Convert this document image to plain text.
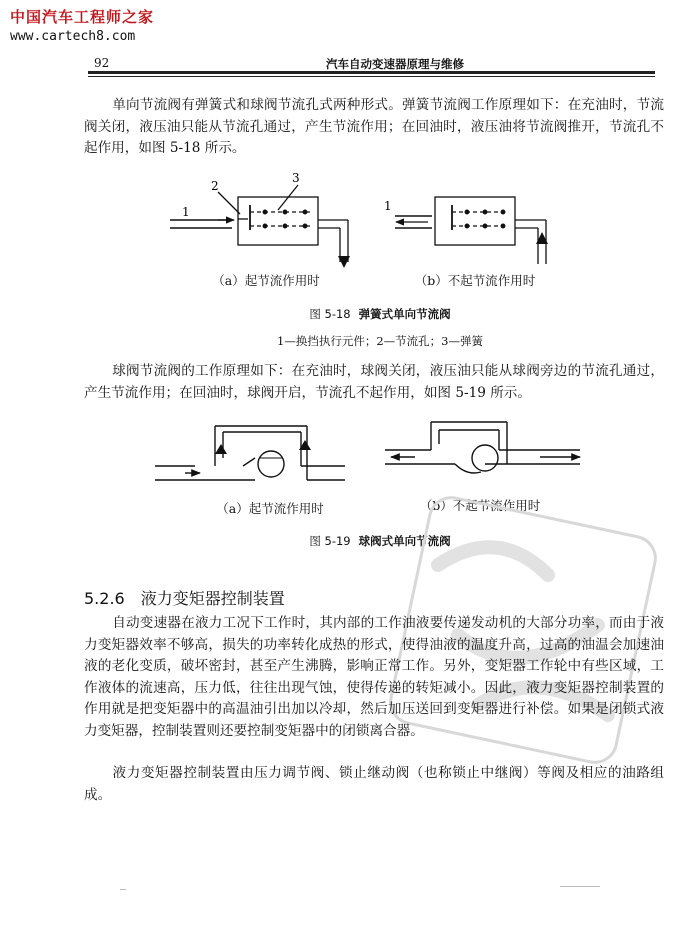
中国汽车工程师之家
www.cartech8.com
92	汽车自动变速器原理与维修

单向节流阀有弹簧式和球阀节流孔式两种形式。弹簧节流阀工作原理如下：在充油时，节流阀关闭，液压油只能从节流孔通过，产生节流作用；在回油时，液压油将节流阀推开，节流孔不起作用，如图 5-18 所示。

1
2
3
1
（a）起节流作用时	（b）不起节流作用时
图 5-18 弹簧式单向节流阀
1—换挡执行元件；2—节流孔；3—弹簧

球阀节流阀的工作原理如下：在充油时，球阀关闭，液压油只能从球阀旁边的节流孔通过，产生节流作用；在回油时，球阀开启，节流孔不起作用，如图 5-19 所示。

（a）起节流作用时	（b）不起节流作用时
图 5-19 球阀式单向节流阀
5.2.6 液力变矩器控制装置

自动变速器在液力工况下工作时，其内部的工作油液要传递发动机的大部分功率，而由于液力变矩器效率不够高，损失的功率转化成热的形式，使得油液的温度升高，过高的油温会加速油液的老化变质，破坏密封，甚至产生沸腾，影响正常工作。另外，变矩器工作轮中有些区域，工作液体的流速高，压力低，往往出现气蚀，使得传递的转矩减小。因此，液力变矩器控制装置的作用就是把变矩器中的高温油引出加以冷却，然后加压送回到变矩器进行补偿。如果是闭锁式液力变矩器，控制装置则还要控制变矩器中的闭锁离合器。

液力变矩器控制装置由压力调节阀、锁止继动阀（也称锁止中继阀）等阀及相应的油路组成。
